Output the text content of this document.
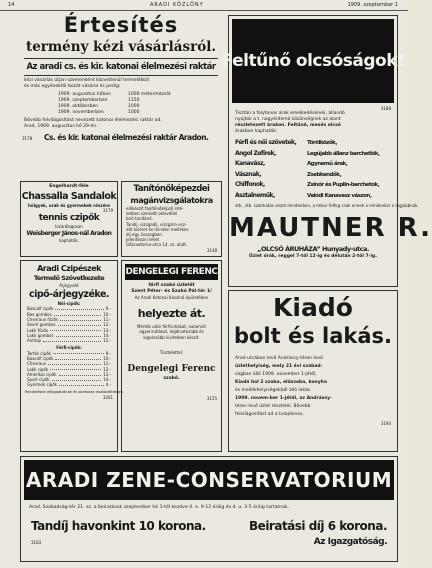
14	ARADI KÖZLÖNY	1909. szeptember 1
Értesítés
termény kézi vásárlásról.
Az aradi cs. és kir. katonai élelmezési raktár
kézi vásárlás útján szemenként közvetlenül termelőktől
és más egyénektől búzát vásárol és pedig:
1909. augusztus hóban	1000 métermázsát
1909. szeptemberben	1150
1909. októberben	1000
1909. novemberben	1000
Bővebb felvilágosítást nevezett katonai élelmezési raktár ad.
Arad, 1909. augusztus hó 29-én.
3178	Cs. és kir. katonai élelmezési raktár Aradon.
Feltűnő olcsóságok!
3188
Tisztán a folytonos árak emelkedésének, állandó
nyújtok a t. nagyérdemű közönségnek az alant
részletezett árakon. Feltűnő, mesés olcsó
árakban kaphatók:
Férfi és női szövetek,
Angol Zefírek,
Kanavász,
Vásznak,
Chiffonok,
Asztalneműk,
Törölközők,
Legújabb állanz barchetlók,
Agynemű árak,
Zsebkendők,
Zsinór és Puplin-barchetok,
Valódi Kanavasz vászon,
stb., stb. szaktudás vezet mindenben, a mikor felfog csak ennek a mindenkor a legjobbnak.
MAUTNER R.
„OLCSÓ ÁRUHÁZA” Hunyady-utca.
Üzlet órák, reggel 7-től 12-ig és délután 2-től 7-ig.
Engelhardt-féle
Chassalla Sandalok
hölgyek, urak és gyermekek részére
3179
tennis czipők
kizárólagosan
Weisberger János-nál Aradon
kaphatók.
Tanítónőképezdei
magánvizsgálatokra
előkészít tanítónőképző inté-
zetben szerzett oklevéllel
bíró tanítónő.
Tandíj, vizsgadíj, vizsgára vez-
ető kíséret és minden mellékes
díj egy összegben.
Jelentkezni lehet
Gőzcsatorna-utca 14. sz. alatt.
3148
Aradi Czipészek
Termelő Szövetkezete
Árjegyzék
cipő-árjegyzéke.
Női-cipők:
Boxcalf cipők	9.-
Box gombos	10.-
Chevraux fűzős	11.-
Sevró gombos	12.-
Lakk fűzős	13.-
Lakk gombos	14.-
Antilop	15.-
Férfi-cipők:
Tartós cipők	9.-
Boxcalf cipők	10.-
Chevraux	11.-
Lakk cipők	12.-
Amerikai cipők	13.-
Sport cipők	14.-
Gyermek cipők	4.-
Rendelések elfogadtatnak és pontosan eszközöltetnek.
3201
DENGELEGI FERENC
férfi szabó üzletét
Szent Péter- és Szabó Pál-tér 1/
Az Aradi Katonai Kaszinó épületében
helyezte át.
Mérték után férfiruhákat, valamint
egyenruhákat, legdivatosabb és
legolcsóbb kivitelben készít.
Tisztelettel:
Dengelegi Ferenc
szabó.
3155
Kiadó
bolt és lakás.
Arad-utcában levő Andrássy-téren levő
üzlethelyiség, mely 21 évi szabad-
ságban álló 1909. november 1-jétől,
Kiadó hol 2 szoba, előszoba, konyha
és mellékhelyiségekből álló lakás
1909. novem-ber 1-jétől, az Andrássy-
téren levő üzlet részletei. Bővebb
felvilágosítást ad a tulajdonos.
3194
ARADI ZENE-CONSERVATORIUM
Arad, Szabadság-tér 21. sz. a beiratások szeptember hó 1-től kezdve d. e. 9-12 óráig és d. u. 3-5 óráig tartatnak.
Tandíj havonkint 10 korona.	Beiratási díj 6 korona.
3183	Az Igazgatóság.
